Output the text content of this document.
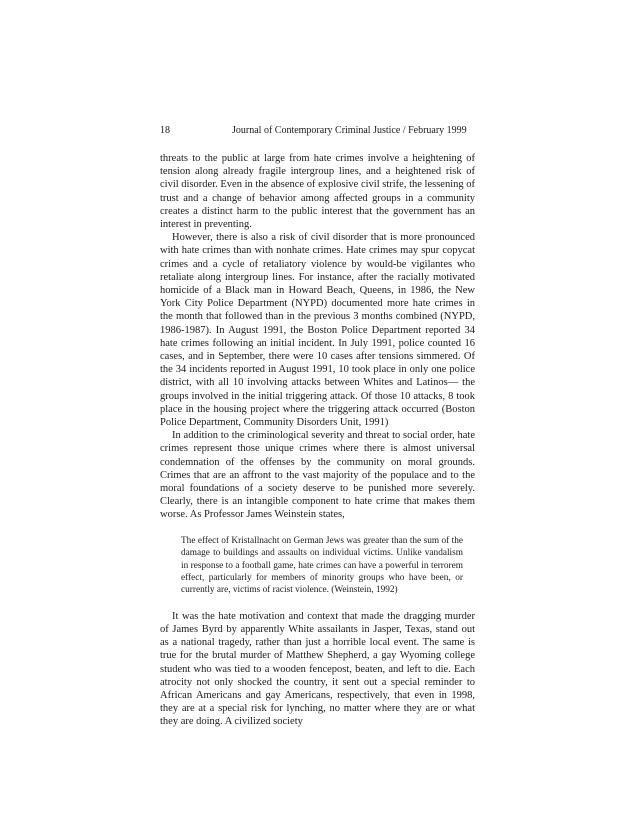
18	Journal of Contemporary Criminal Justice / February 1999

threats to the public at large from hate crimes involve a heightening of tension along already fragile intergroup lines, and a heightened risk of civil disorder. Even in the absence of explosive civil strife, the lessening of trust and a change of behavior among affected groups in a community creates a distinct harm to the public interest that the government has an interest in preventing.

However, there is also a risk of civil disorder that is more pronounced with hate crimes than with nonhate crimes. Hate crimes may spur copycat crimes and a cycle of retaliatory violence by would-be vigilantes who retaliate along intergroup lines. For instance, after the racially motivated homicide of a Black man in Howard Beach, Queens, in 1986, the New York City Police Department (NYPD) documented more hate crimes in the month that followed than in the previous 3 months combined (NYPD, 1986-1987). In August 1991, the Boston Police Department reported 34 hate crimes following an initial incident. In July 1991, police counted 16 cases, and in September, there were 10 cases after tensions simmered. Of the 34 incidents reported in August 1991, 10 took place in only one police district, with all 10 involving attacks between Whites and Latinos— the groups involved in the initial triggering attack. Of those 10 attacks, 8 took place in the housing project where the triggering attack occurred (Boston Police Department, Community Disorders Unit, 1991)

In addition to the criminological severity and threat to social order, hate crimes represent those unique crimes where there is almost universal condemnation of the offenses by the community on moral grounds. Crimes that are an affront to the vast majority of the populace and to the moral foundations of a society deserve to be punished more severely. Clearly, there is an intangible component to hate crime that makes them worse. As Professor James Weinstein states,

The effect of Kristallnacht on German Jews was greater than the sum of the damage to buildings and assaults on individual victims. Unlike vandalism in response to a football game, hate crimes can have a powerful in terrorem effect, particularly for members of minority groups who have been, or currently are, victims of racist violence. (Weinstein, 1992)

It was the hate motivation and context that made the dragging murder of James Byrd by apparently White assailants in Jasper, Texas, stand out as a national tragedy, rather than just a horrible local event. The same is true for the brutal murder of Matthew Shepherd, a gay Wyoming college student who was tied to a wooden fencepost, beaten, and left to die. Each atrocity not only shocked the country, it sent out a special reminder to African Americans and gay Americans, respectively, that even in 1998, they are at a special risk for lynching, no matter where they are or what they are doing. A civilized society
